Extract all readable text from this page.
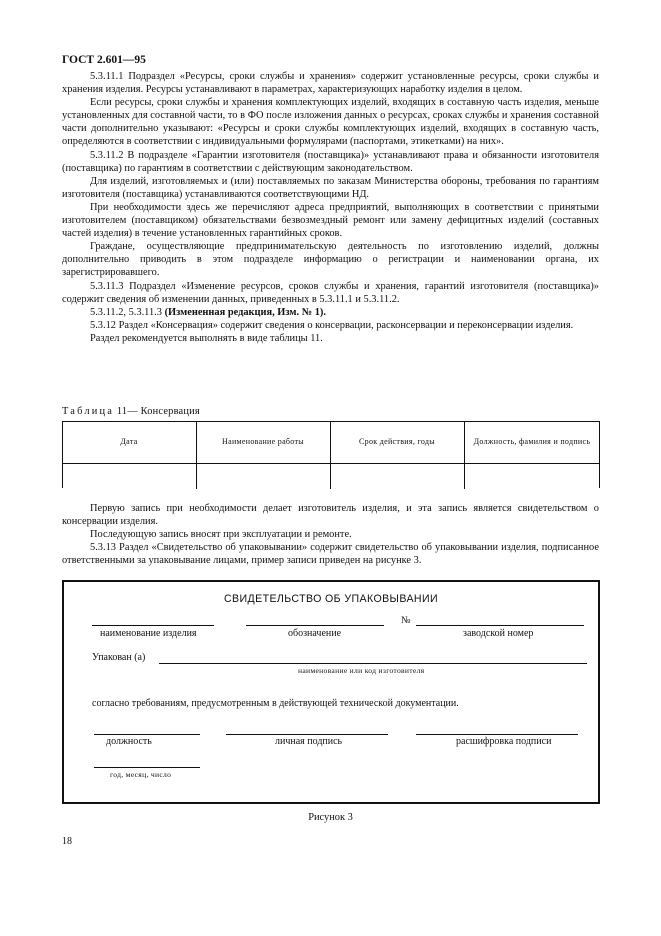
ГОСТ 2.601—95

5.3.11.1 Подраздел «Ресурсы, сроки службы и хранения» содержит установленные ресурсы, сроки службы и хранения изделия. Ресурсы устанавливают в параметрах, характеризующих наработку изделия в целом.

Если ресурсы, сроки службы и хранения комплектующих изделий, входящих в составную часть изделия, меньше установленных для составной части, то в ФО после изложения данных о ресурсах, сроках службы и хранения составной части дополнительно указывают: «Ресурсы и сроки службы комплектующих изделий, входящих в составную часть, определяются в соответствии с индивидуальными формулярами (паспортами, этикетками) на них».

5.3.11.2 В подразделе «Гарантии изготовителя (поставщика)» устанавливают права и обязанности изготовителя (поставщика) по гарантиям в соответствии с действующим законодательством.

Для изделий, изготовляемых и (или) поставляемых по заказам Министерства обороны, требования по гарантиям изготовителя (поставщика) устанавливаются соответствующими НД.

При необходимости здесь же перечисляют адреса предприятий, выполняющих в соответствии с принятыми изготовителем (поставщиком) обязательствами безвозмездный ремонт или замену дефицитных изделий (составных частей изделия) в течение установленных гарантийных сроков.

Граждане, осуществляющие предпринимательскую деятельность по изготовлению изделий, должны дополнительно приводить в этом подразделе информацию о регистрации и наименовании органа, их зарегистрировавшего.

5.3.11.3 Подраздел «Изменение ресурсов, сроков службы и хранения, гарантий изготовителя (поставщика)» содержит сведения об изменении данных, приведенных в 5.3.11.1 и 5.3.11.2.

5.3.11.2, 5.3.11.3 (Измененная редакция, Изм. № 1).

5.3.12 Раздел «Консервация» содержит сведения о консервации, расконсервации и переконсервации изделия.

Раздел рекомендуется выполнять в виде таблицы 11.

Таблица 11— Консервация
Дата	Наименование работы	Срок действия, годы	Должность, фамилия и подпись

Первую запись при необходимости делает изготовитель изделия, и эта запись является свидетельством о консервации изделия.

Последующую запись вносят при эксплуатации и ремонте.

5.3.13 Раздел «Свидетельство об упаковывании» содержит свидетельство об упаковывании изделия, подписанное ответственными за упаковывание лицами, пример записи приведен на рисунке 3.

СВИДЕТЕЛЬСТВО ОБ УПАКОВЫВАНИИ
№
наименование изделия	обозначение	заводской номер
Упакован (а)
наименование или код изготовителя
согласно требованиям, предусмотренным в действующей технической документации.
должность	личная подпись	расшифровка подписи
год, месяц, число
Рисунок 3
18
